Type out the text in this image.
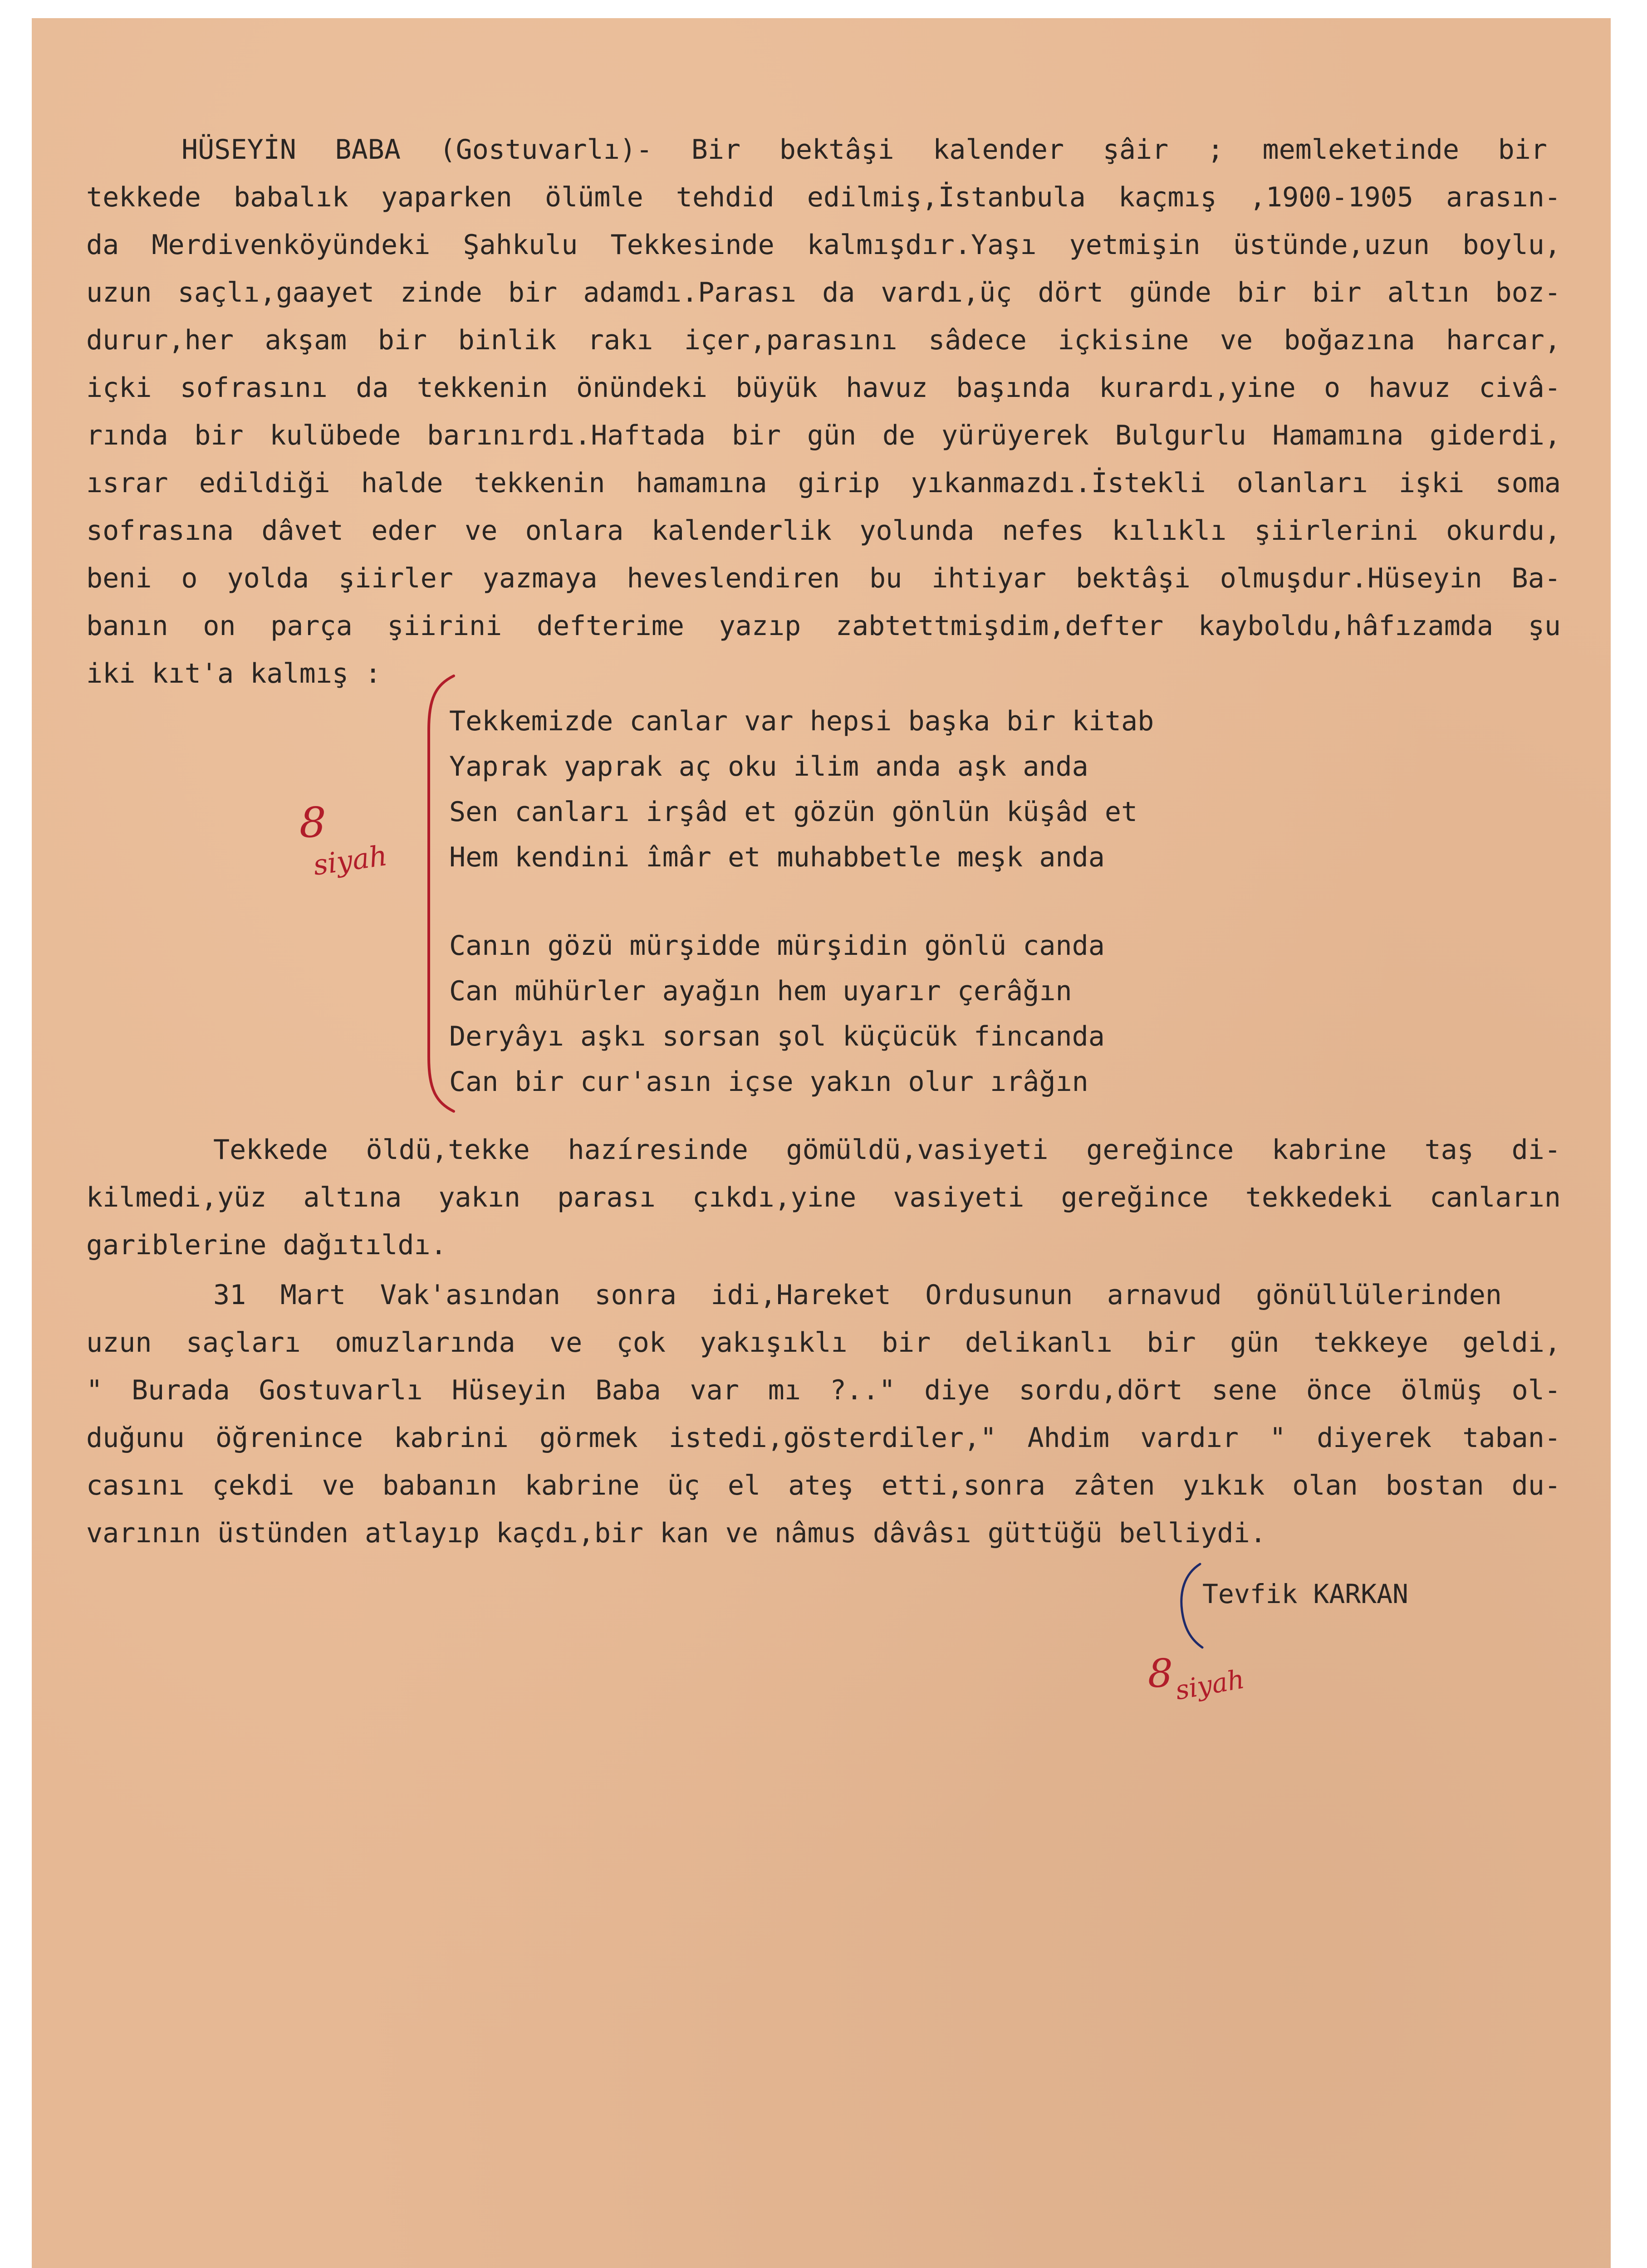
HÜSEYİN BABA (Gostuvarlı)- Bir bektâşi kalender şâir ; memleketinde bir
tekkede babalık yaparken ölümle tehdid edilmiş,İstanbula kaçmış ,1900-1905 arasın-
da Merdivenköyündeki Şahkulu Tekkesinde kalmışdır.Yaşı yetmişin üstünde,uzun boylu,
uzun saçlı,gaayet zinde bir adamdı.Parası da vardı,üç dört günde bir bir altın boz-
durur,her akşam bir binlik rakı içer,parasını sâdece içkisine ve boğazına harcar,
içki sofrasını da tekkenin önündeki büyük havuz başında kurardı,yine o havuz civâ-
rında bir kulübede barınırdı.Haftada bir gün de yürüyerek Bulgurlu Hamamına giderdi,
ısrar edildiği halde tekkenin hamamına girip yıkanmazdı.İstekli olanları işki soma
sofrasına dâvet eder ve onlara kalenderlik yolunda nefes kılıklı şiirlerini okurdu,
beni o yolda şiirler yazmaya heveslendiren bu ihtiyar bektâşi olmuşdur.Hüseyin Ba-
banın on parça şiirini defterime yazıp zabtettmişdim,defter kayboldu,hâfızamda şu
iki kıt'a kalmış :
8
siyah
Tekkemizde canlar var hepsi başka bir kitab
Yaprak yaprak aç oku ilim anda aşk anda
Sen canları irşâd et gözün gönlün küşâd et
Hem kendini îmâr et muhabbetle meşk anda
Canın gözü mürşidde mürşidin gönlü canda
Can mühürler ayağın hem uyarır çerâğın
Deryâyı aşkı sorsan şol küçücük fincanda
Can bir cur'asın içse yakın olur ırâğın
Tekkede öldü,tekke hazíresinde gömüldü,vasiyeti gereğince kabrine taş di-
kilmedi,yüz altına yakın parası çıkdı,yine vasiyeti gereğince tekkedeki canların
gariblerine dağıtıldı.
31 Mart Vak'asından sonra idi,Hareket Ordusunun arnavud gönüllülerinden
uzun saçları omuzlarında ve çok yakışıklı bir delikanlı bir gün tekkeye geldi,
" Burada Gostuvarlı Hüseyin Baba var mı ?.." diye sordu,dört sene önce ölmüş ol-
duğunu öğrenince kabrini görmek istedi,gösterdiler," Ahdim vardır " diyerek taban-
casını çekdi ve babanın kabrine üç el ateş etti,sonra zâten yıkık olan bostan du-
varının üstünden atlayıp kaçdı,bir kan ve nâmus dâvâsı güttüğü belliydi.
Tevfik KARKAN
8 siyah
